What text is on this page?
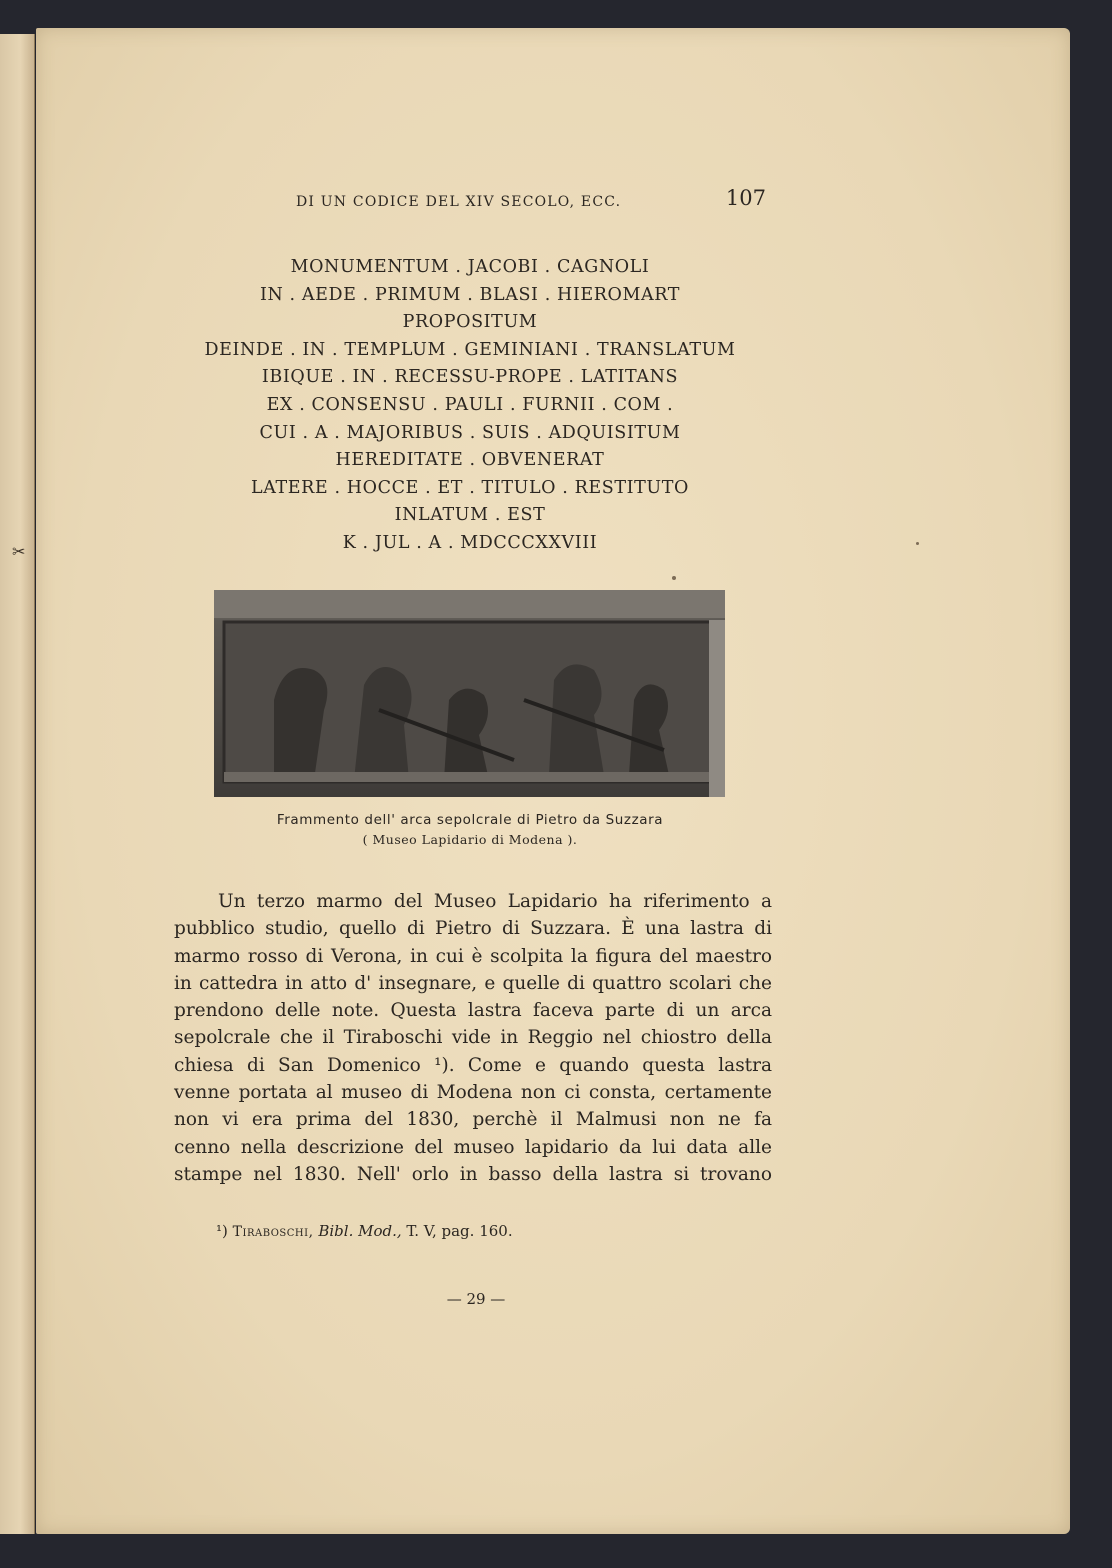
✂
DI UN CODICE DEL XIV SECOLO, ECC.	107
MONUMENTUM . JACOBI . CAGNOLI
IN . AEDE . PRIMUM . BLASI . HIEROMART
PROPOSITUM
DEINDE . IN . TEMPLUM . GEMINIANI . TRANSLATUM
IBIQUE . IN . RECESSU-PROPE . LATITANS
EX . CONSENSU . PAULI . FURNII . COM .
CUI . A . MAJORIBUS . SUIS . ADQUISITUM
HEREDITATE . OBVENERAT
LATERE . HOCCE . ET . TITULO . RESTITUTO
INLATUM . EST
K . JUL . A . MDCCCXXVIII
Frammento dell' arca sepolcrale di Pietro da Suzzara
( Museo Lapidario di Modena ).
Un terzo marmo del Museo Lapidario ha riferimento a
pubblico studio, quello di Pietro di Suzzara. È una lastra di
marmo rosso di Verona, in cui è scolpita la figura del maestro
in cattedra in atto d' insegnare, e quelle di quattro scolari che
prendono delle note. Questa lastra faceva parte di un arca
sepolcrale che il Tiraboschi vide in Reggio nel chiostro della
chiesa di San Domenico ¹). Come e quando questa lastra
venne portata al museo di Modena non ci consta, certamente
non vi era prima del 1830, perchè il Malmusi non ne fa
cenno nella descrizione del museo lapidario da lui data alle
stampe nel 1830. Nell' orlo in basso della lastra si trovano
¹) Tiraboschi, Bibl. Mod., T. V, pag. 160.
— 29 —
